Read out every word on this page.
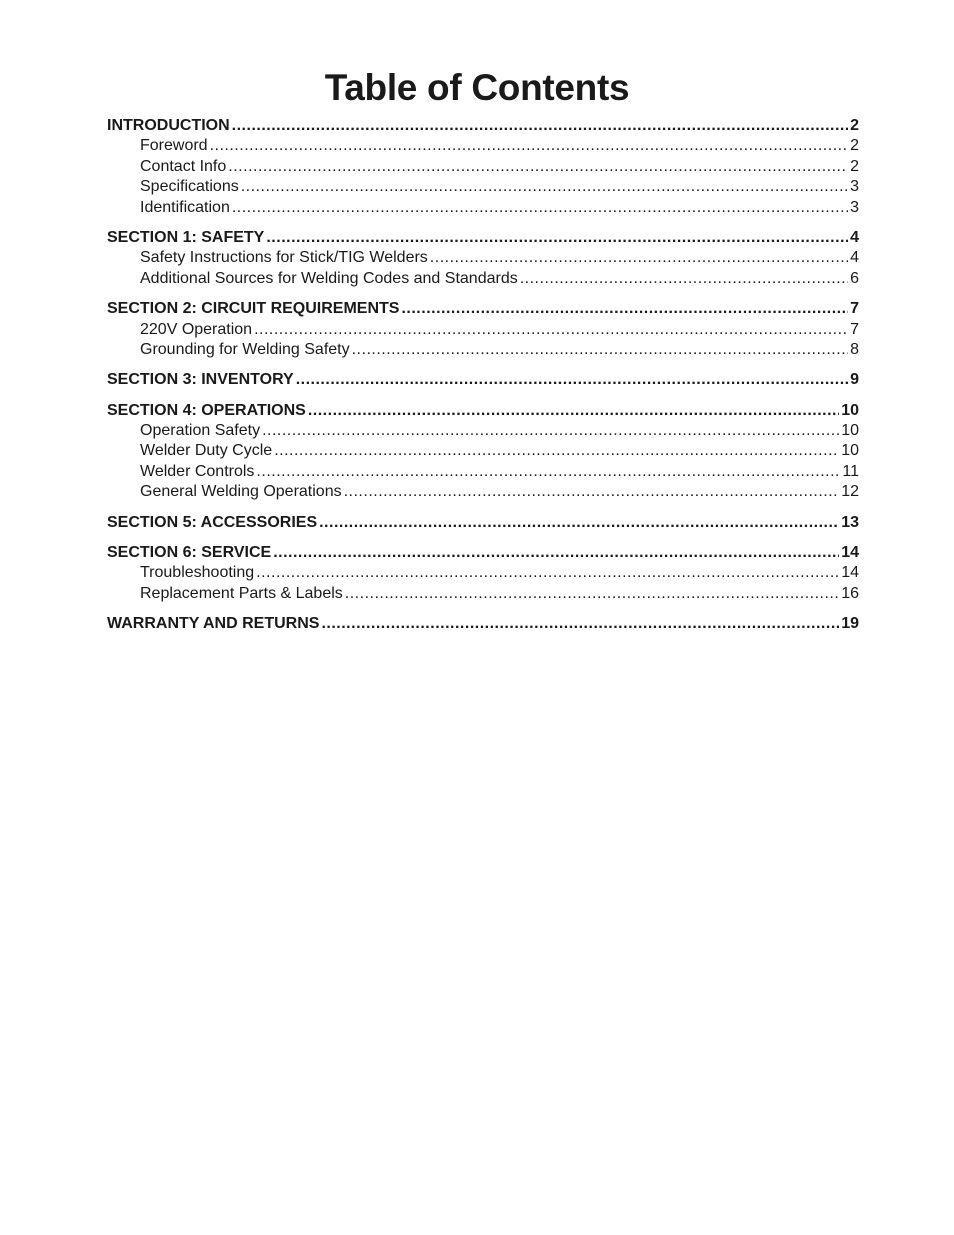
Table of Contents
INTRODUCTION .....	2
Foreword .....	2
Contact Info .....	2
Specifications .....	3
Identification .....	3
SECTION 1: SAFETY .....	4
Safety Instructions for Stick/TIG Welders .....	4
Additional Sources for Welding Codes and Standards .....	6
SECTION 2: CIRCUIT REQUIREMENTS .....	7
220V Operation .....	7
Grounding for Welding Safety .....	8
SECTION 3: INVENTORY .....	9
SECTION 4: OPERATIONS .....	10
Operation Safety .....	10
Welder Duty Cycle .....	10
Welder Controls .....	11
General Welding Operations .....	12
SECTION 5: ACCESSORIES .....	13
SECTION 6: SERVICE .....	14
Troubleshooting .....	14
Replacement Parts & Labels .....	16
WARRANTY AND RETURNS .....	19
